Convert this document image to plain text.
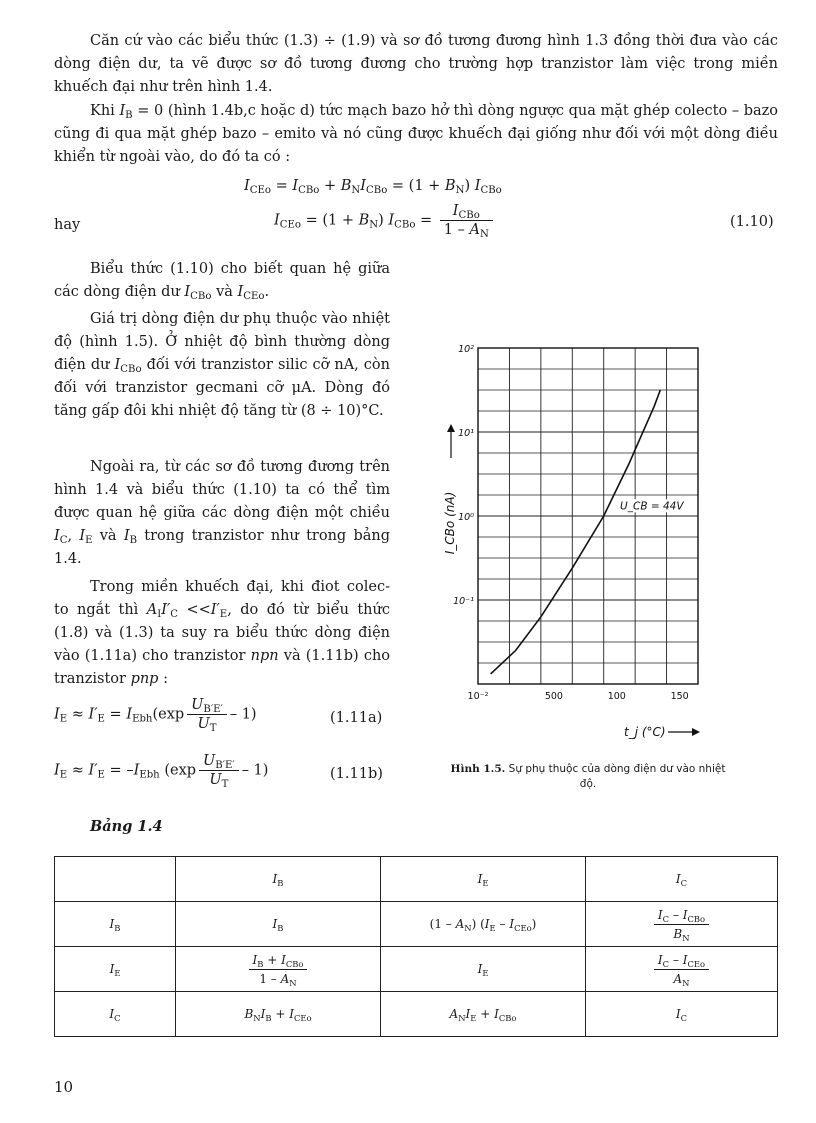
Căn cứ vào các biểu thức (1.3) ÷ (1.9) và sơ đồ tương đương hình 1.3 đồng thời đưa vào các dòng điện dư, ta vẽ được sơ đồ tương đương cho trường hợp tranzistor làm việc trong miền khuếch đại như trên hình 1.4.

Khi $I_B = 0$ (hình 1.4b,c hoặc d) tức mạch bazo hở thì dòng ngược qua mặt ghép colecto – bazo cũng đi qua mặt ghép bazo – emito và nó cũng được khuếch đại giống như đối với một dòng điều khiển từ ngoài vào, do đó ta có :

$I_{CEo} = I_{CBo} + B_NI_{CBo} = (1 + B_N)$ $I_{CBo}$
hay	$I_{CEo} = (1 + B_N) I_{CBo} = \frac{I_{CBo}}{1 - A_N}$	(1.10)

Biểu thức (1.10) cho biết quan hệ giữa các dòng điện dư $I_{CBo}$ và $I_{CEo}$.

Giá trị dòng điện dư phụ thuộc vào nhiệt độ (hình 1.5). Ở nhiệt độ bình thường dòng điện dư $I_{CBo}$ đối với tranzistor silic cỡ nA, còn đối với tranzistor gecmani cỡ μA. Dòng đó tăng gấp đôi khi nhiệt độ tăng từ (8 ÷ 10)°C.

Ngoài ra, từ các sơ đồ tương đương trên hình 1.4 và biểu thức (1.10) ta có thể tìm được quan hệ giữa các dòng điện một chiều $I_C$, $I_E$ và $I_B$ trong tranzistor như trong bảng 1.4.

Trong miền khuếch đại, khi điot colec- to ngắt thì $A_II'_C <<I'_E$, do đó từ biểu thức (1.8) và (1.3) ta suy ra biểu thức dòng điện vào (1.11a) cho tranzistor npn và (1.11b) cho tranzistor pnp :

$I_E \approx I'_E = I_{Ebh}(\exp \frac{U_{B'E'}}{U_T} - 1)$	(1.11a)
$I_E \approx I'_E = -I_{Ebh}$ $(\exp \frac{U_{B'E'}}{U_T} - 1)$	(1.11b)
10⁻²	500	100	150
10⁻¹
10⁰
10¹
10²
I_CBo (nA)
t_j (°C)
U_CB = 44V
Hình 1.5. Sự phụ thuộc của dòng điện dư vào nhiệt độ.
Bảng 1.4
	$I_B$	$I_E$	$I_C$
$I_B$	$I_B$	$(1 - A_N)$ $(I_E - I_{CEo})$	$\frac{I_C - I_{CBo}}{B_N}$

$I_E$	$\frac{I_B + I_{CBo}}{1 - A_N}$	$I_E$	$\frac{I_C - I_{CEo}}{A_N}$

$I_C$	$B_NI_B + I_{CEo}$	$A_NI_E + I_{CBo}$	$I_C$
10
